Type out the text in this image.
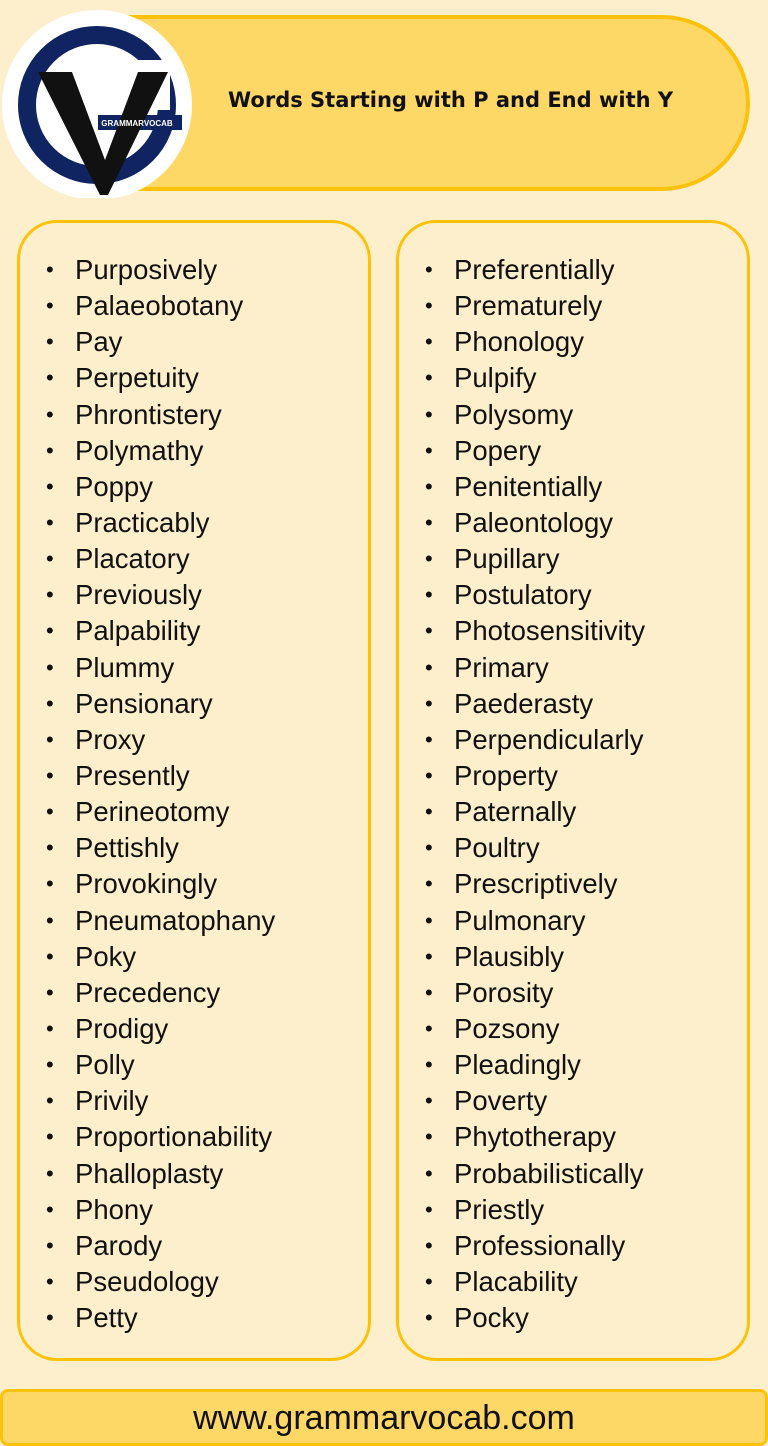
GRAMMARVOCAB
Words Starting with P and End with Y
• Purposively
• Palaeobotany
• Pay
• Perpetuity
• Phrontistery
• Polymathy
• Poppy
• Practicably
• Placatory
• Previously
• Palpability
• Plummy
• Pensionary
• Proxy
• Presently
• Perineotomy
• Pettishly
• Provokingly
• Pneumatophany
• Poky
• Precedency
• Prodigy
• Polly
• Privily
• Proportionability
• Phalloplasty
• Phony
• Parody
• Pseudology
• Petty
• Preferentially
• Prematurely
• Phonology
• Pulpify
• Polysomy
• Popery
• Penitentially
• Paleontology
• Pupillary
• Postulatory
• Photosensitivity
• Primary
• Paederasty
• Perpendicularly
• Property
• Paternally
• Poultry
• Prescriptively
• Pulmonary
• Plausibly
• Porosity
• Pozsony
• Pleadingly
• Poverty
• Phytotherapy
• Probabilistically
• Priestly
• Professionally
• Placability
• Pocky
www.grammarvocab.com
